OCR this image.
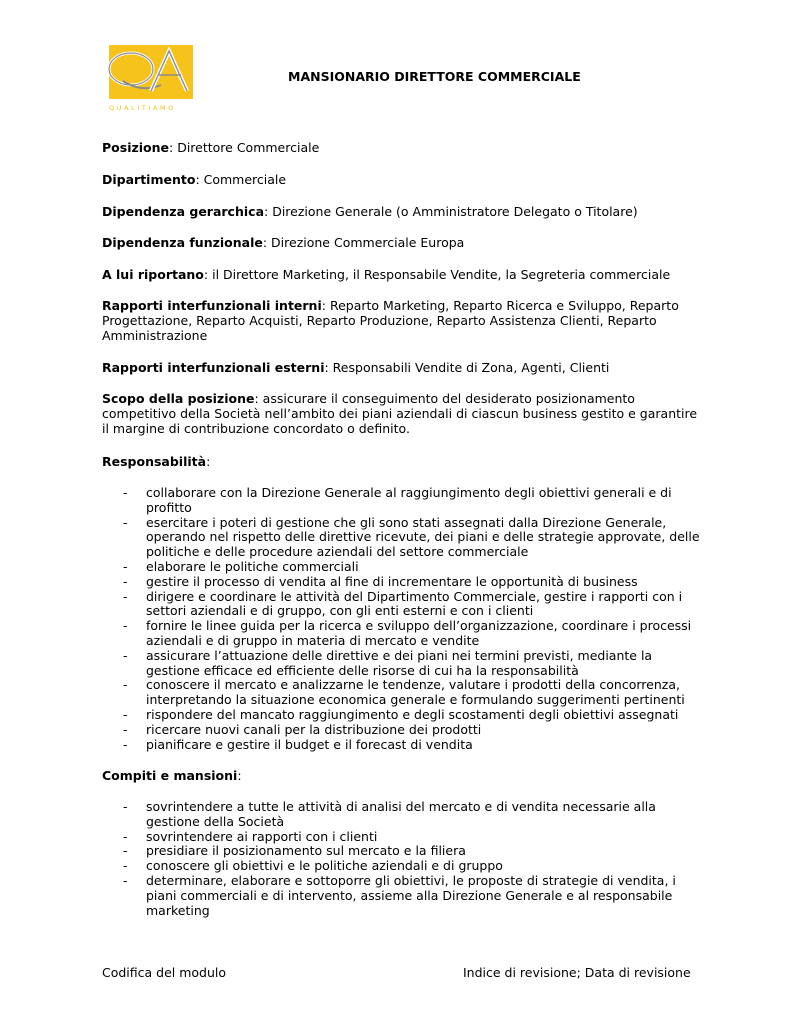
QUALITIAMO
MANSIONARIO DIRETTORE COMMERCIALE
Posizione: Direttore Commerciale
Dipartimento: Commerciale
Dipendenza gerarchica: Direzione Generale (o Amministratore Delegato o Titolare)
Dipendenza funzionale: Direzione Commerciale Europa
A lui riportano: il Direttore Marketing, il Responsabile Vendite, la Segreteria commerciale
Rapporti interfunzionali interni: Reparto Marketing, Reparto Ricerca e Sviluppo, Reparto
Progettazione, Reparto Acquisti, Reparto Produzione, Reparto Assistenza Clienti, Reparto
Amministrazione
Rapporti interfunzionali esterni: Responsabili Vendite di Zona, Agenti, Clienti
Scopo della posizione: assicurare il conseguimento del desiderato posizionamento
competitivo della Società nell’ambito dei piani aziendali di ciascun business gestito e garantire
il margine di contribuzione concordato o definito.
Responsabilità:
- collaborare con la Direzione Generale al raggiungimento degli obiettivi generali e di
profitto
- esercitare i poteri di gestione che gli sono stati assegnati dalla Direzione Generale,
operando nel rispetto delle direttive ricevute, dei piani e delle strategie approvate, delle
politiche e delle procedure aziendali del settore commerciale
- elaborare le politiche commerciali
- gestire il processo di vendita al fine di incrementare le opportunità di business
- dirigere e coordinare le attività del Dipartimento Commerciale, gestire i rapporti con i
settori aziendali e di gruppo, con gli enti esterni e con i clienti
- fornire le linee guida per la ricerca e sviluppo dell’organizzazione, coordinare i processi
aziendali e di gruppo in materia di mercato e vendite
- assicurare l’attuazione delle direttive e dei piani nei termini previsti, mediante la
gestione efficace ed efficiente delle risorse di cui ha la responsabilità
- conoscere il mercato e analizzarne le tendenze, valutare i prodotti della concorrenza,
interpretando la situazione economica generale e formulando suggerimenti pertinenti
- rispondere del mancato raggiungimento e degli scostamenti degli obiettivi assegnati
- ricercare nuovi canali per la distribuzione dei prodotti
- pianificare e gestire il budget e il forecast di vendita
Compiti e mansioni:
- sovrintendere a tutte le attività di analisi del mercato e di vendita necessarie alla
gestione della Società
- sovrintendere ai rapporti con i clienti
- presidiare il posizionamento sul mercato e la filiera
- conoscere gli obiettivi e le politiche aziendali e di gruppo
- determinare, elaborare e sottoporre gli obiettivi, le proposte di strategie di vendita, i
piani commerciali e di intervento, assieme alla Direzione Generale e al responsabile
marketing
Codifica del modulo	Indice di revisione; Data di revisione
